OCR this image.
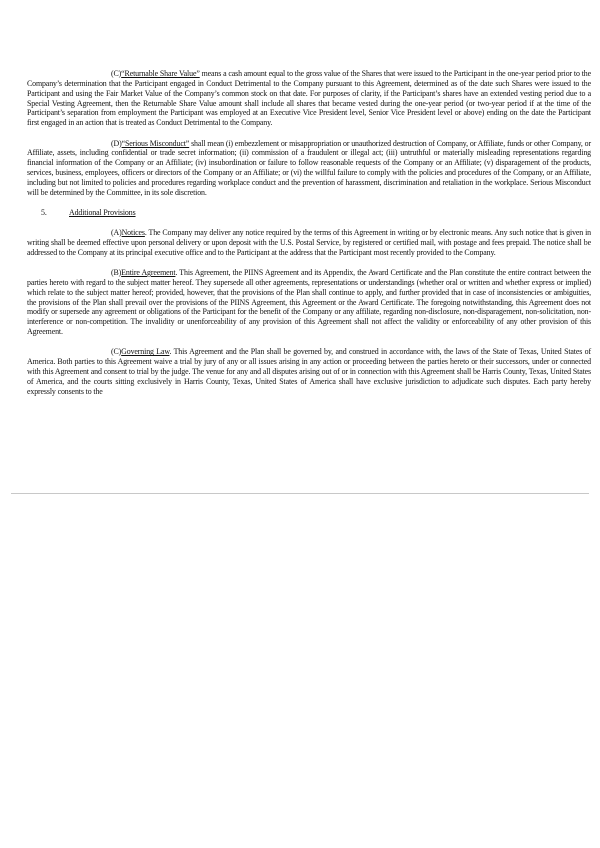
(C)“Returnable Share Value” means a cash amount equal to the gross value of the Shares that were issued to the Participant in the one-year period prior to the Company’s determination that the Participant engaged in Conduct Detrimental to the Company pursuant to this Agreement, determined as of the date such Shares were issued to the Participant and using the Fair Market Value of the Company’s common stock on that date. For purposes of clarity, if the Participant’s shares have an extended vesting period due to a Special Vesting Agreement, then the Returnable Share Value amount shall include all shares that became vested during the one-year period (or two-year period if at the time of the Participant’s separation from employment the Participant was employed at an Executive Vice President level, Senior Vice President level or above) ending on the date the Participant first engaged in an action that is treated as Conduct Detrimental to the Company.

(D)“Serious Misconduct” shall mean (i) embezzlement or misappropriation or unauthorized destruction of Company, or Affiliate, funds or other Company, or Affiliate, assets, including confidential or trade secret information; (ii) commission of a fraudulent or illegal act; (iii) untruthful or materially misleading representations regarding financial information of the Company or an Affiliate; (iv) insubordination or failure to follow reasonable requests of the Company or an Affiliate; (v) disparagement of the products, services, business, employees, officers or directors of the Company or an Affiliate; or (vi) the willful failure to comply with the policies and procedures of the Company, or an Affiliate, including but not limited to policies and procedures regarding workplace conduct and the prevention of harassment, discrimination and retaliation in the workplace. Serious Misconduct will be determined by the Committee, in its sole discretion.

5.	Additional Provisions

(A)Notices. The Company may deliver any notice required by the terms of this Agreement in writing or by electronic means. Any such notice that is given in writing shall be deemed effective upon personal delivery or upon deposit with the U.S. Postal Service, by registered or certified mail, with postage and fees prepaid. The notice shall be addressed to the Company at its principal executive office and to the Participant at the address that the Participant most recently provided to the Company.

(B)Entire Agreement. This Agreement, the PIINS Agreement and its Appendix, the Award Certificate and the Plan constitute the entire contract between the parties hereto with regard to the subject matter hereof. They supersede all other agreements, representations or understandings (whether oral or written and whether express or implied) which relate to the subject matter hereof; provided, however, that the provisions of the Plan shall continue to apply, and further provided that in case of inconsistencies or ambiguities, the provisions of the Plan shall prevail over the provisions of the PIINS Agreement, this Agreement or the Award Certificate. The foregoing notwithstanding, this Agreement does not modify or supersede any agreement or obligations of the Participant for the benefit of the Company or any affiliate, regarding non-disclosure, non-disparagement, non-solicitation, non-interference or non-competition. The invalidity or unenforceability of any provision of this Agreement shall not affect the validity or enforceability of any other provision of this Agreement.

(C)Governing Law. This Agreement and the Plan shall be governed by, and construed in accordance with, the laws of the State of Texas, United States of America. Both parties to this Agreement waive a trial by jury of any or all issues arising in any action or proceeding between the parties hereto or their successors, under or connected with this Agreement and consent to trial by the judge. The venue for any and all disputes arising out of or in connection with this Agreement shall be Harris County, Texas, United States of America, and the courts sitting exclusively in Harris County, Texas, United States of America shall have exclusive jurisdiction to adjudicate such disputes. Each party hereby expressly consents to the
